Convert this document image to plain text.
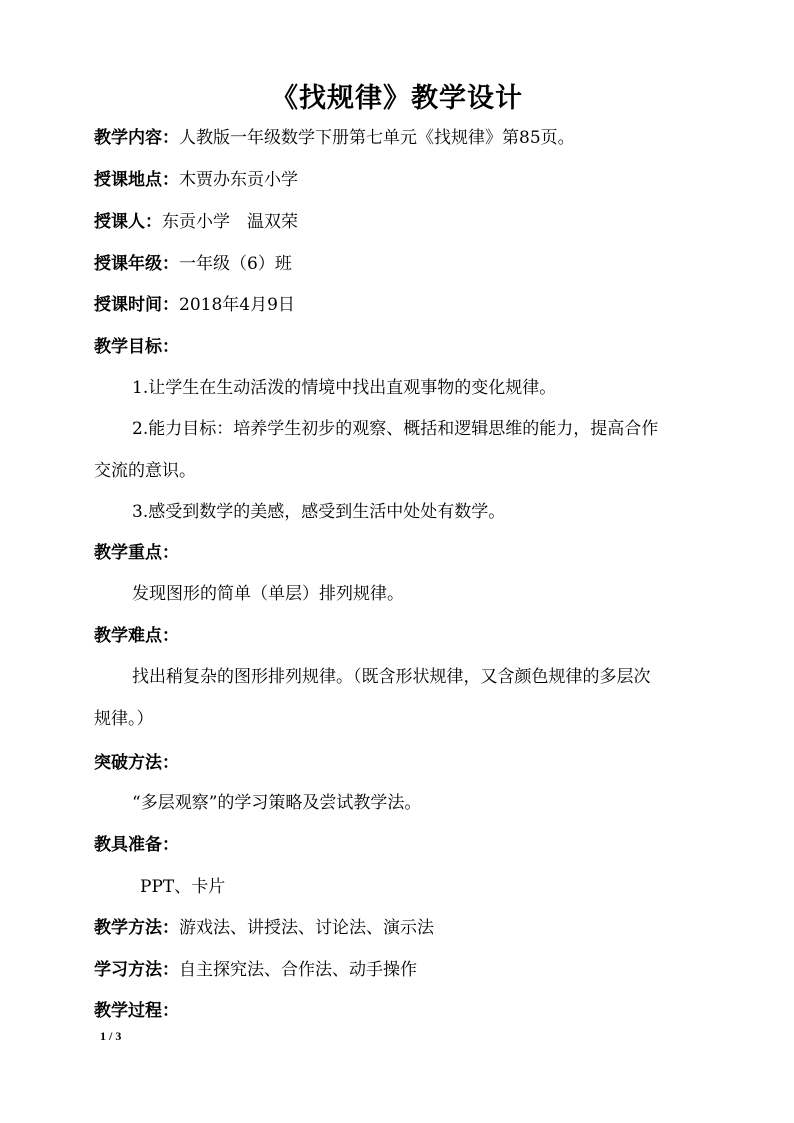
《找规律》教学设计
教学内容：人教版一年级数学下册第七单元《找规律》第85页。
授课地点：木贾办东贡小学
授课人：东贡小学　温双荣
授课年级：一年级（6）班
授课时间：2018年4月9日
教学目标：
1.让学生在生动活泼的情境中找出直观事物的变化规律。
2.能力目标：培养学生初步的观察、概括和逻辑思维的能力，提高合作
交流的意识。
3.感受到数学的美感，感受到生活中处处有数学。
教学重点：
发现图形的简单（单层）排列规律。
教学难点：
找出稍复杂的图形排列规律。（既含形状规律，又含颜色规律的多层次
规律。）
突破方法：
“多层观察”的学习策略及尝试教学法。
教具准备：
PPT、卡片
教学方法：游戏法、讲授法、讨论法、演示法
学习方法：自主探究法、合作法、动手操作
教学过程：
1 / 3
